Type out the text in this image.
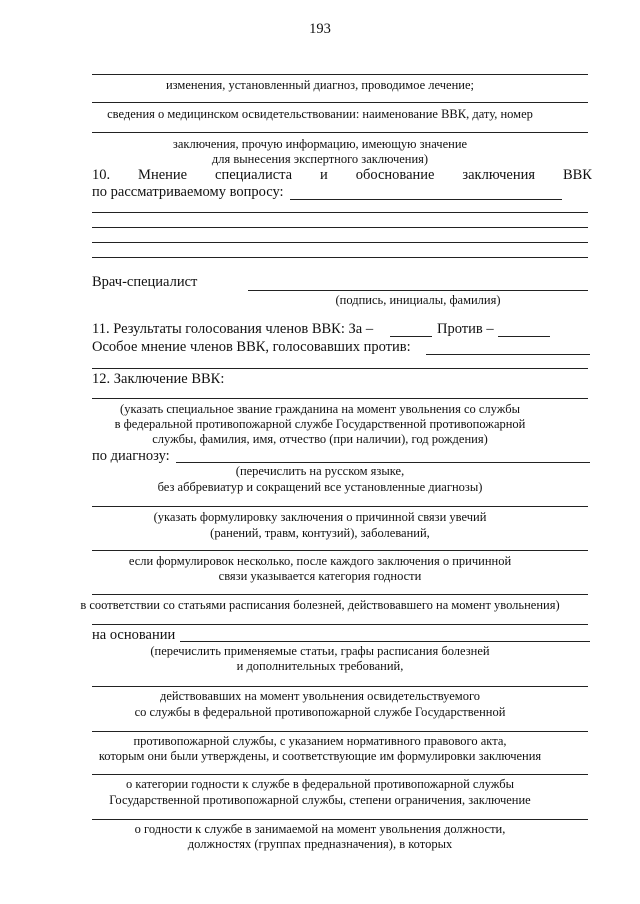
193
изменения, установленный диагноз, проводимое лечение;
сведения о медицинском освидетельствовании: наименование ВВК, дату, номер
заключения, прочую информацию, имеющую значение
для вынесения экспертного заключения)
10. Мнение специалиста и обоснование заключения ВВК
по рассматриваемому вопросу:
Врач-специалист
(подпись, инициалы, фамилия)
11. Результаты голосования членов ВВК: За –	Против –
Особое мнение членов ВВК, голосовавших против:
12. Заключение ВВК:
(указать специальное звание гражданина на момент увольнения со службы
в федеральной противопожарной службе Государственной противопожарной
службы, фамилия, имя, отчество (при наличии), год рождения)
по диагнозу:
(перечислить на русском языке,
без аббревиатур и сокращений все установленные диагнозы)
(указать формулировку заключения о причинной связи увечий
(ранений, травм, контузий), заболеваний,
если формулировок несколько, после каждого заключения о причинной
связи указывается категория годности
в соответствии со статьями расписания болезней, действовавшего на момент увольнения)
на основании
(перечислить применяемые статьи, графы расписания болезней
и дополнительных требований,
действовавших на момент увольнения освидетельствуемого
со службы в федеральной противопожарной службе Государственной
противопожарной службы, с указанием нормативного правового акта,
которым они были утверждены, и соответствующие им формулировки заключения
о категории годности к службе в федеральной противопожарной службы
Государственной противопожарной службы, степени ограничения, заключение
о годности к службе в занимаемой на момент увольнения должности,
должностях (группах предназначения), в которых
